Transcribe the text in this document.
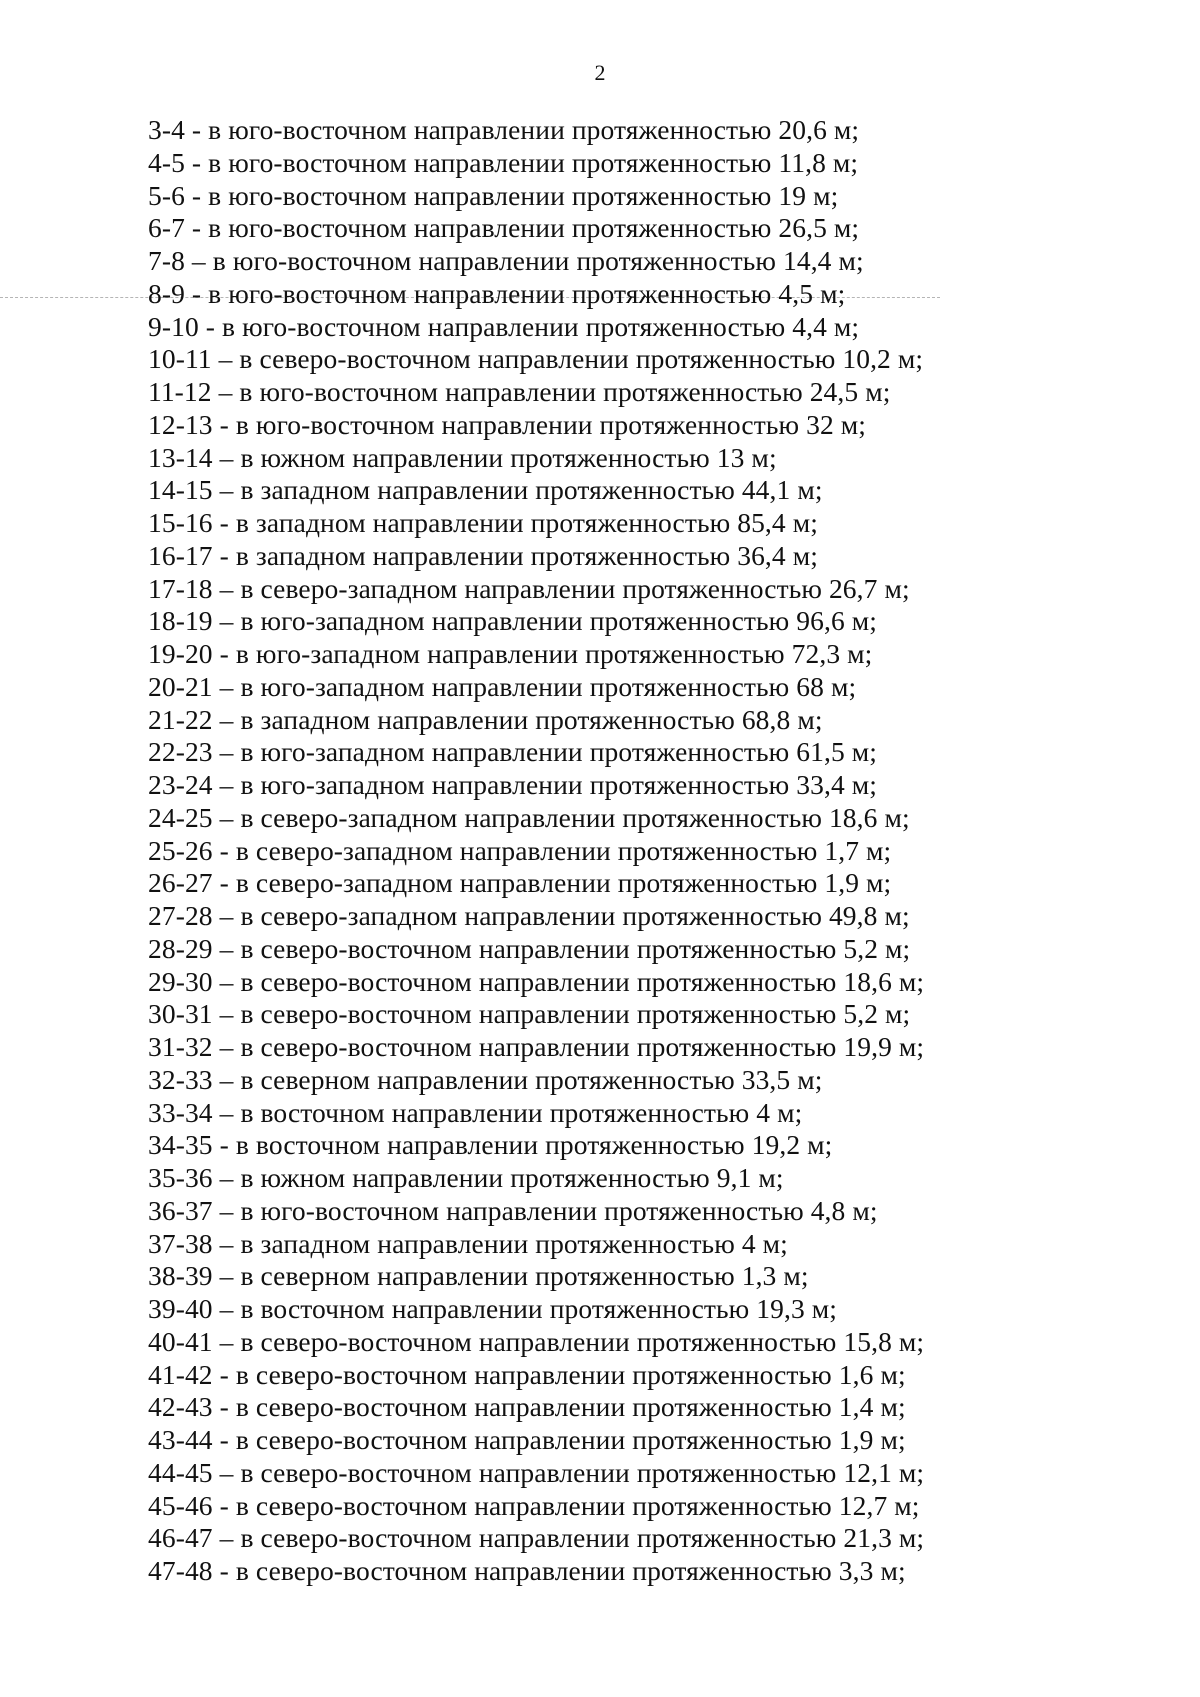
2
3-4 - в юго-восточном направлении протяженностью 20,6 м;
4-5 - в юго-восточном направлении протяженностью 11,8 м;
5-6 - в юго-восточном направлении протяженностью 19 м;
6-7 - в юго-восточном направлении протяженностью 26,5 м;
7-8 – в юго-восточном направлении протяженностью 14,4 м;
8-9 - в юго-восточном направлении протяженностью 4,5 м;
9-10 - в юго-восточном направлении протяженностью 4,4 м;
10-11 – в северо-восточном направлении протяженностью 10,2 м;
11-12 – в юго-восточном направлении протяженностью 24,5 м;
12-13 - в юго-восточном направлении протяженностью 32 м;
13-14 – в южном направлении протяженностью 13 м;
14-15 – в западном направлении протяженностью 44,1 м;
15-16 - в западном направлении протяженностью 85,4 м;
16-17 - в западном направлении протяженностью 36,4 м;
17-18 – в северо-западном направлении протяженностью 26,7 м;
18-19 – в юго-западном направлении протяженностью 96,6 м;
19-20 - в юго-западном направлении протяженностью 72,3 м;
20-21 – в юго-западном направлении протяженностью 68 м;
21-22 – в западном направлении протяженностью 68,8 м;
22-23 – в юго-западном направлении протяженностью 61,5 м;
23-24 – в юго-западном направлении протяженностью 33,4 м;
24-25 – в северо-западном направлении протяженностью 18,6 м;
25-26 - в северо-западном направлении протяженностью 1,7 м;
26-27 - в северо-западном направлении протяженностью 1,9 м;
27-28 – в северо-западном направлении протяженностью 49,8 м;
28-29 – в северо-восточном направлении протяженностью 5,2 м;
29-30 – в северо-восточном направлении протяженностью 18,6 м;
30-31 – в северо-восточном направлении протяженностью 5,2 м;
31-32 – в северо-восточном направлении протяженностью 19,9 м;
32-33 – в северном направлении протяженностью 33,5 м;
33-34 – в восточном направлении протяженностью 4 м;
34-35 - в восточном направлении протяженностью 19,2 м;
35-36 – в южном направлении протяженностью 9,1 м;
36-37 – в юго-восточном направлении протяженностью 4,8 м;
37-38 – в западном направлении протяженностью 4 м;
38-39 – в северном направлении протяженностью 1,3 м;
39-40 – в восточном направлении протяженностью 19,3 м;
40-41 – в северо-восточном направлении протяженностью 15,8 м;
41-42 - в северо-восточном направлении протяженностью 1,6 м;
42-43 - в северо-восточном направлении протяженностью 1,4 м;
43-44 - в северо-восточном направлении протяженностью 1,9 м;
44-45 – в северо-восточном направлении протяженностью 12,1 м;
45-46 - в северо-восточном направлении протяженностью 12,7 м;
46-47 – в северо-восточном направлении протяженностью 21,3 м;
47-48 - в северо-восточном направлении протяженностью 3,3 м;
